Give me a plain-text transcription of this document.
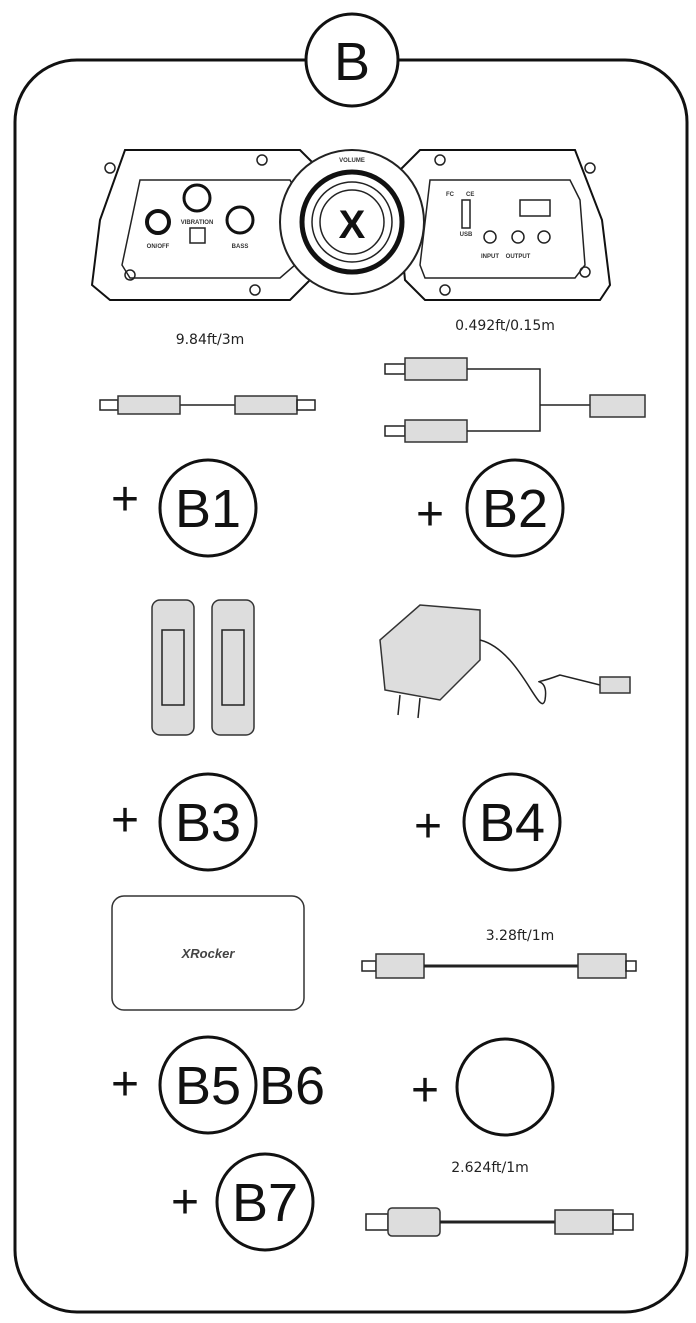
B
X
VOLUME
ON/OFF
VIBRATION
BASS
FC CE
USB
INPUT OUTPUT
9.84ft/3m
0.492ft/0.15m
+ B1	+ B2
+ B3	+ B4
XRocker
3.28ft/1m
+ B5 B6 +
+ B7
2.624ft/1m
